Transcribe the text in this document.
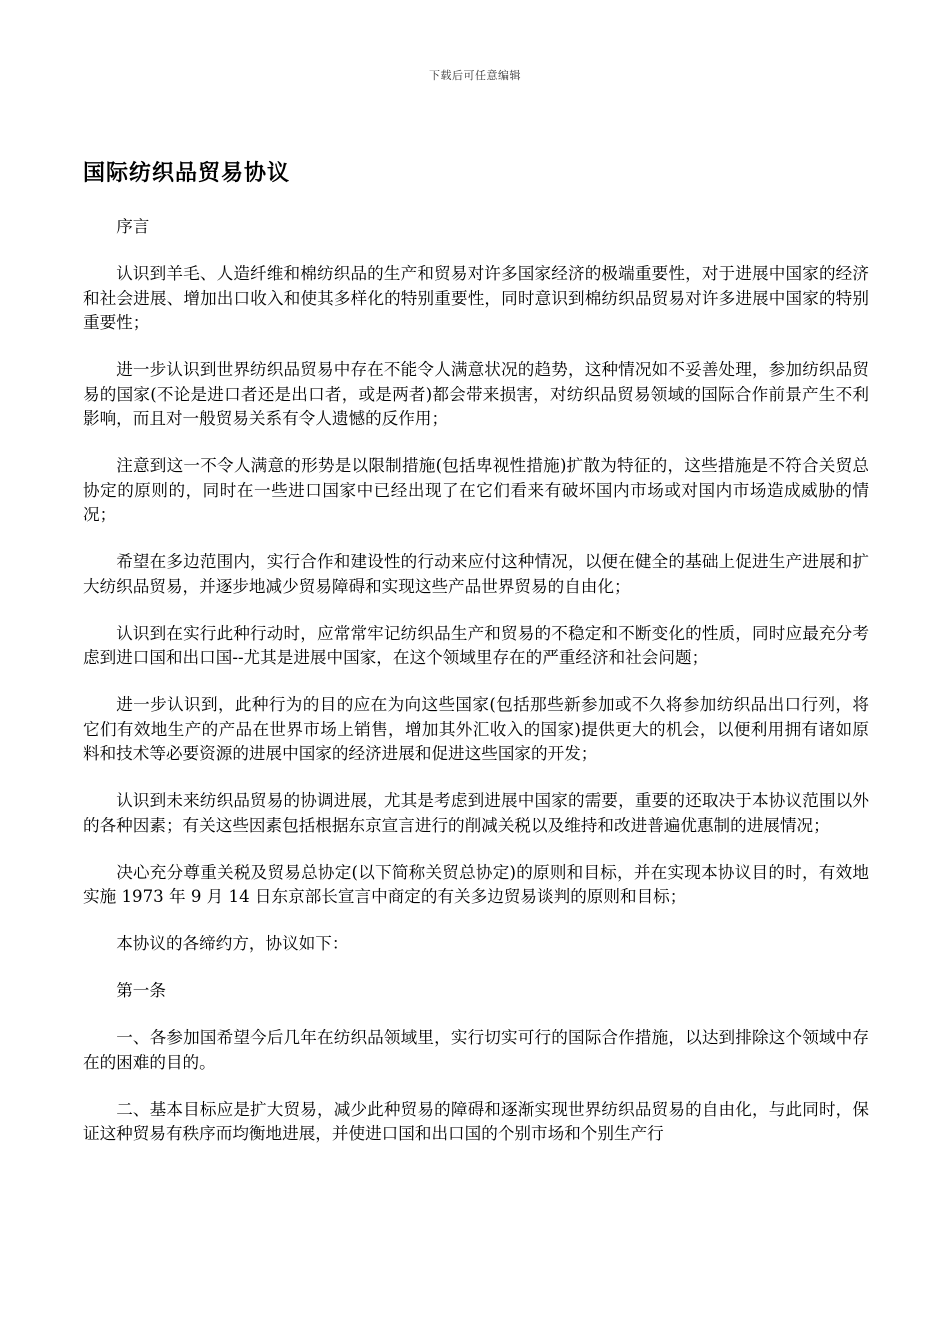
下载后可任意编辑
国际纺织品贸易协议

序言

认识到羊毛、人造纤维和棉纺织品的生产和贸易对许多国家经济的极端重要性，对于进展中国家的经济和社会进展、增加出口收入和使其多样化的特别重要性，同时意识到棉纺织品贸易对许多进展中国家的特别重要性；

进一步认识到世界纺织品贸易中存在不能令人满意状况的趋势，这种情况如不妥善处理，参加纺织品贸易的国家(不论是进口者还是出口者，或是两者)都会带来损害，对纺织品贸易领域的国际合作前景产生不利影响，而且对一般贸易关系有令人遗憾的反作用；

注意到这一不令人满意的形势是以限制措施(包括卑视性措施)扩散为特征的，这些措施是不符合关贸总协定的原则的，同时在一些进口国家中已经出现了在它们看来有破坏国内市场或对国内市场造成威胁的情况；

希望在多边范围内，实行合作和建设性的行动来应付这种情况，以便在健全的基础上促进生产进展和扩大纺织品贸易，并逐步地减少贸易障碍和实现这些产品世界贸易的自由化；

认识到在实行此种行动时，应常常牢记纺织品生产和贸易的不稳定和不断变化的性质，同时应最充分考虑到进口国和出口国--尤其是进展中国家，在这个领域里存在的严重经济和社会问题；

进一步认识到，此种行为的目的应在为向这些国家(包括那些新参加或不久将参加纺织品出口行列，将它们有效地生产的产品在世界市场上销售，增加其外汇收入的国家)提供更大的机会，以便利用拥有诸如原料和技术等必要资源的进展中国家的经济进展和促进这些国家的开发；

认识到未来纺织品贸易的协调进展，尤其是考虑到进展中国家的需要，重要的还取决于本协议范围以外的各种因素；有关这些因素包括根据东京宣言进行的削减关税以及维持和改进普遍优惠制的进展情况；

决心充分尊重关税及贸易总协定(以下简称关贸总协定)的原则和目标，并在实现本协议目的时，有效地实施 1973 年 9 月 14 日东京部长宣言中商定的有关多边贸易谈判的原则和目标；

本协议的各缔约方，协议如下：

第一条

一、各参加国希望今后几年在纺织品领域里，实行切实可行的国际合作措施，以达到排除这个领域中存在的困难的目的。

二、基本目标应是扩大贸易，减少此种贸易的障碍和逐渐实现世界纺织品贸易的自由化，与此同时，保证这种贸易有秩序而均衡地进展，并使进口国和出口国的个别市场和个别生产行
